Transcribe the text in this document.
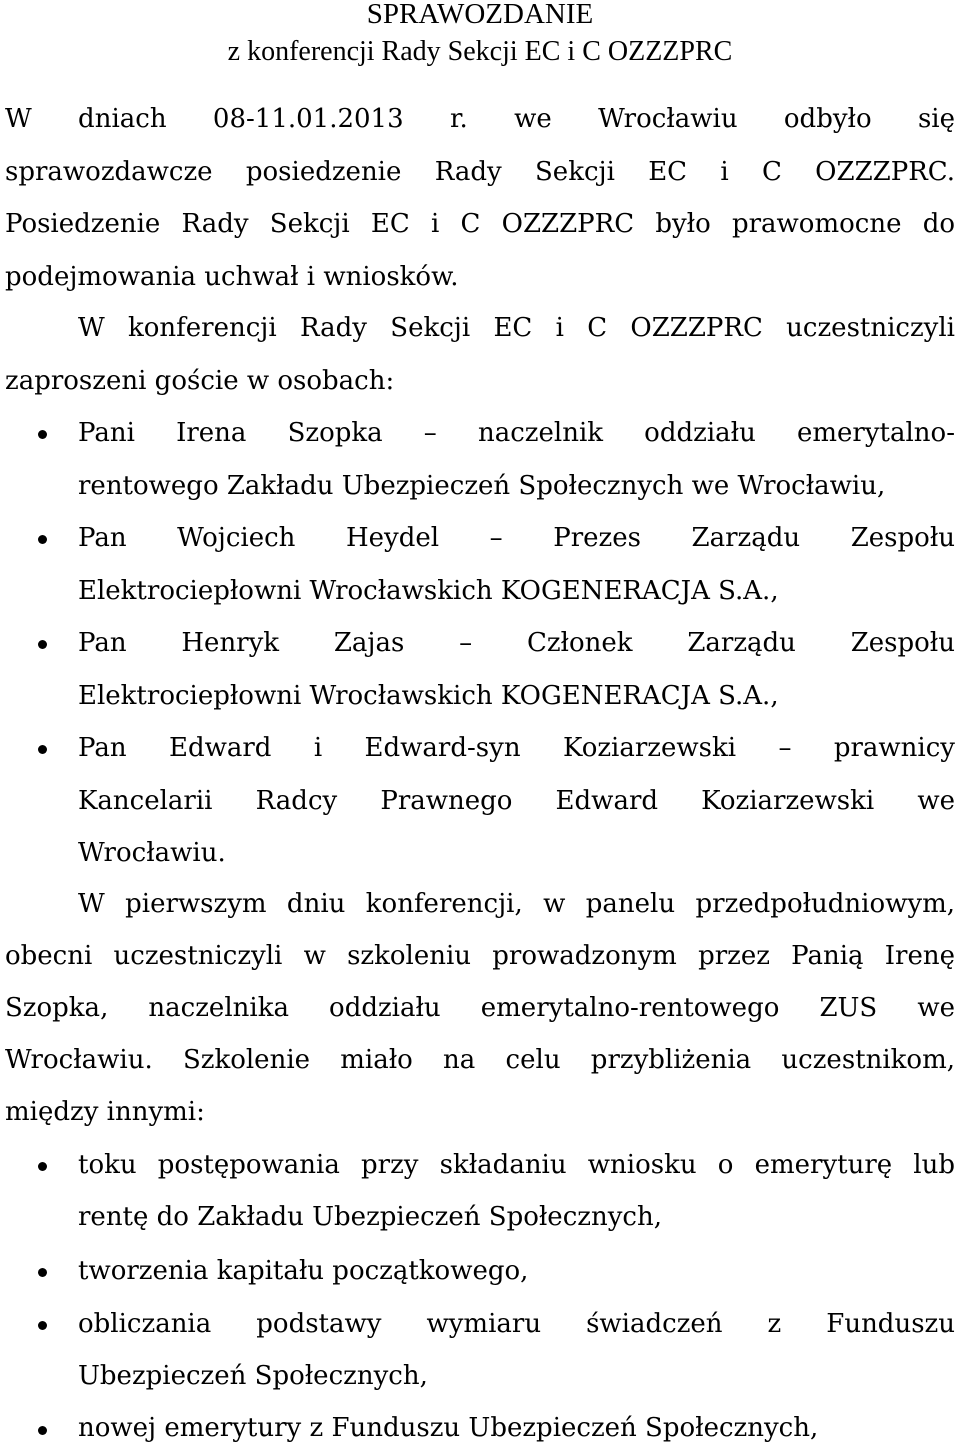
SPRAWOZDANIE
z konferencji Rady Sekcji EC i C OZZZPRC
W dniach 08-11.01.2013 r. we Wrocławiu odbyło się
sprawozdawcze posiedzenie Rady Sekcji EC i C OZZZPRC.
Posiedzenie Rady Sekcji EC i C OZZZPRC było prawomocne do
podejmowania uchwał i wniosków.
W konferencji Rady Sekcji EC i C OZZZPRC uczestniczyli
zaproszeni goście w osobach:
Pani Irena Szopka – naczelnik oddziału emerytalno-
rentowego Zakładu Ubezpieczeń Społecznych we Wrocławiu,
Pan Wojciech Heydel – Prezes Zarządu Zespołu
Elektrociepłowni Wrocławskich KOGENERACJA S.A.,
Pan Henryk Zajas – Członek Zarządu Zespołu
Elektrociepłowni Wrocławskich KOGENERACJA S.A.,
Pan Edward i Edward-syn Koziarzewski – prawnicy
Kancelarii Radcy Prawnego Edward Koziarzewski we
Wrocławiu.
W pierwszym dniu konferencji, w panelu przedpołudniowym,
obecni uczestniczyli w szkoleniu prowadzonym przez Panią Irenę
Szopka, naczelnika oddziału emerytalno-rentowego ZUS we
Wrocławiu. Szkolenie miało na celu przybliżenia uczestnikom,
między innymi:
toku postępowania przy składaniu wniosku o emeryturę lub
rentę do Zakładu Ubezpieczeń Społecznych,
tworzenia kapitału początkowego,
obliczania podstawy wymiaru świadczeń z Funduszu
Ubezpieczeń Społecznych,
nowej emerytury z Funduszu Ubezpieczeń Społecznych,
